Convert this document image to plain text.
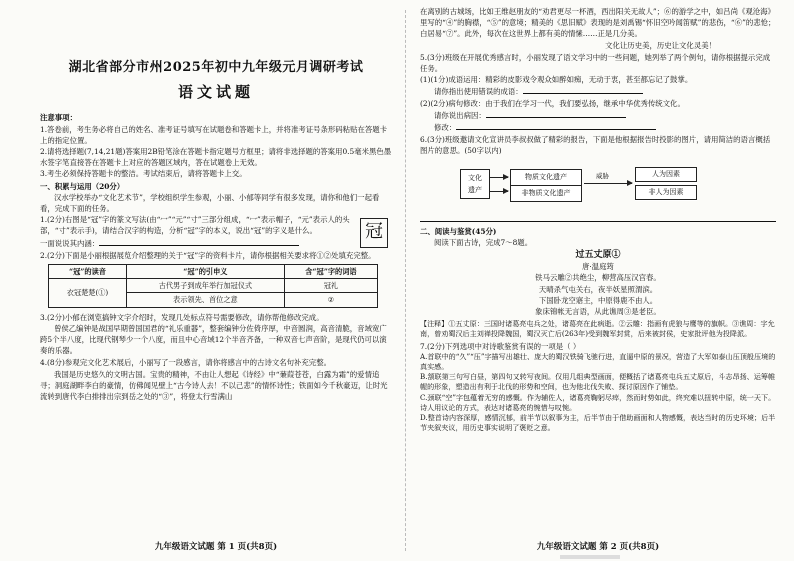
湖北省部分市州2025年初中九年级元月调研考试
语文试题

注意事项：

1.答卷前，考生务必将自己的姓名、准考证号填写在试题卷和答题卡上，并将准考证号条形码粘贴在答题卡上的指定位置。

2.请将选择题(7,14,21题)答案用2B铅笔涂在答题卡指定题号方框里；请将非选择题的答案用0.5毫米黑色墨水签字笔直接答在答题卡上对应的答题区域内，答在试题卷上无效。

3.考生必须保持答题卡的整洁。考试结束后，请将答题卡上交。

一、积累与运用（20分）

汉水学校举办“文化艺术节”，学校组织学生参观，小丽、小郁等同学有很多发现，请你和他们一起看看，完成下面的任务。

1.(2分)右图是“冠”字的篆文写法(由“冖”“元”“寸”三部分组成，“冖”表示帽子，“元”表示人的头部，“寸”表示手)，请结合汉字的构造，分析“冠”字的本义，说出“冠”的字义是什么。

一面说说其内涵：

冠

2.(2分)下面是小丽根据展览介绍整理的关于“冠”字的资料卡片，请你根据相关要求将①②处填充完整。

“冠”的读音	“冠”的引申义	含“冠”字的词语
衣冠楚楚(①)	古代男子到成年举行加冠仪式	冠礼
	表示领先、首位之意	②

3.(2分)小郁在浏览搞钟文字介绍时，发现几处标点符号需要修改，请你帮他修改完成。

曾侯乙编钟是战国早期曾国国君的“礼乐重器”，整套编钟分佐倚序厚，中音圆润，高音清脆，音域宽广跨5个半八度，比现代钢琴少一个八度，而且中心音域12个半音齐备，一种双音七声音阶，是现代仍可以演奏的乐器。

4.(8分)参观完文化艺术展后，小丽写了一段感言，请你将感言中的古诗文名句补充完整。

我国是历史悠久的文明古国。宝贵的精神，不由让人想起《诗经》中“蒹葭苍苍，白露为霜”的爱情追寻；洞庭湖畔李白的豪情，仿佛闻见壁上“古今诗人去！不以己悲”的情怀诗性；铁面如今千秋豪迈，让时光流转到唐代李白排排出宗到岳之处的“③”，将登太行雪满山

九年级语文试题 第 1 页(共8页)

在离别的古城场，比如王维赵朋友的“劝君更尽一杯酒，西出阳关无故人”；⑥的游学之中，如吕尚《观沧海》里写的“④”的胸襟，“⑤”的意境；精美的《思旧赋》表现的是刘禹锡“怀旧空吟闻笛赋”的悲伤，“⑥”的悲怆；白居易“⑦”。此外，每次在这世界上都有美的情愫……正是几分美。

文化让历史美，历史让文化灵美！

5.(3分)班级在开展优秀感言时，小丽发现了语文学习中的一些问题，她列举了两个例句，请你根据提示完成任务。

(1)(1分)成语运用：精彩的皮影戏令观众如醉如痴，无动于衷，甚至都忘记了鼓掌。

请你指出使用错误的成语：

(2)(2分)病句修改：由于我们在学习一代，我们要弘扬，继承中华优秀传统文化。

请你说出病因：

修改：

6.(3分)班级邀请文化宣讲员李叔叔做了精彩的报告，下面是他根据报告时投影的图片，请用简洁的语言概括图片的意思。(50字以内)

文化
遗产
物质文化遗产
非物质文化遗产
威胁	人为因素
非人为因素

二、阅读与鉴赏(45分)

阅读下面古诗，完成7～8题。

过五丈原①
唐·温庭筠
铁马云雕②共绝尘，柳营高压汉宫春。
天晴杀气屯关右，夜半妖星照渭滨。
下国卧龙空寤主，中原得鹿不由人。
象床锦帐无言语，从此谯周③是老臣。

【注释】①五丈原：三国时诸葛亮屯兵之处，诸葛亮在此病逝。②云雕：指画有虎狼与鹰等的旗帜。③谯周：字允南，曾劝蜀汉后主刘禅投降魏国，蜀汉灭亡后(263年)受到魏军封赏，后来被封侯，史家批评他为投降派。

7.(2分)下列选项中对诗歌鉴赏有误的一项是（ ）

A.首联中的“久”“压”字描写出雄壮、庞大的蜀汉铁骑飞驰行进，直逼中原的景况，营造了大军如泰山压顶般压境的真实感。

B.颔联第三句写白昼，第四句又转写夜间。仅用几组典型画面，便概括了诸葛亮屯兵五丈原后，斗志昂扬、运筹帷幄的形象，塑造出有利于北伐的形势和空间，也为他北伐失败、探讨原因作了铺垫。

C.颈联“空”字包蕴着无穷的感慨。作为辅佐人，诸葛亮鞠躬尽瘁，然而时势如此，终究难以扭转中原，统一天下。诗人用议论的方式，表达对诸葛亮的惋惜与叹惋。

D.整首诗内容深厚，感情沉郁，前半节以叙事为主，后半节由于借助画面和人物感慨，表达当时的历史环境；后半节夹叙夹议，用历史事实说明了褒贬之意。

九年级语文试题 第 2 页(共8页)
